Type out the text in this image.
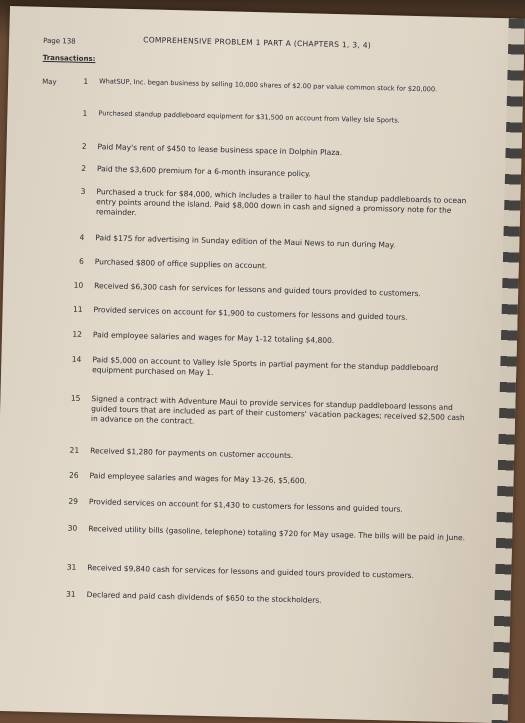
Page 138	COMPREHENSIVE PROBLEM 1 PART A (CHAPTERS 1, 3, 4)
Transactions:
May	1 WhatSUP, Inc. began business by selling 10,000 shares of $2.00 par value common stock for $20,000.
1 Purchased standup paddleboard equipment for $31,500 on account from Valley Isle Sports.
2 Paid May's rent of $450 to lease business space in Dolphin Plaza.
2 Paid the $3,600 premium for a 6-month insurance policy.
3 Purchased a truck for $84,000, which includes a trailer to haul the standup paddleboards to ocean entry points around the island. Paid $8,000 down in cash and signed a promissory note for the remainder.
4 Paid $175 for advertising in Sunday edition of the Maui News to run during May.
6 Purchased $800 of office supplies on account.
10 Received $6,300 cash for services for lessons and guided tours provided to customers.
11 Provided services on account for $1,900 to customers for lessons and guided tours.
12 Paid employee salaries and wages for May 1-12 totaling $4,800.
14 Paid $5,000 on account to Valley Isle Sports in partial payment for the standup paddleboard equipment purchased on May 1.
15 Signed a contract with Adventure Maui to provide services for standup paddleboard lessons and guided tours that are included as part of their customers' vacation packages; received $2,500 cash in advance on the contract.
21 Received $1,280 for payments on customer accounts.
26 Paid employee salaries and wages for May 13-26, $5,600.
29 Provided services on account for $1,430 to customers for lessons and guided tours.
30 Received utility bills (gasoline, telephone) totaling $720 for May usage. The bills will be paid in June.
31 Received $9,840 cash for services for lessons and guided tours provided to customers.
31 Declared and paid cash dividends of $650 to the stockholders.
